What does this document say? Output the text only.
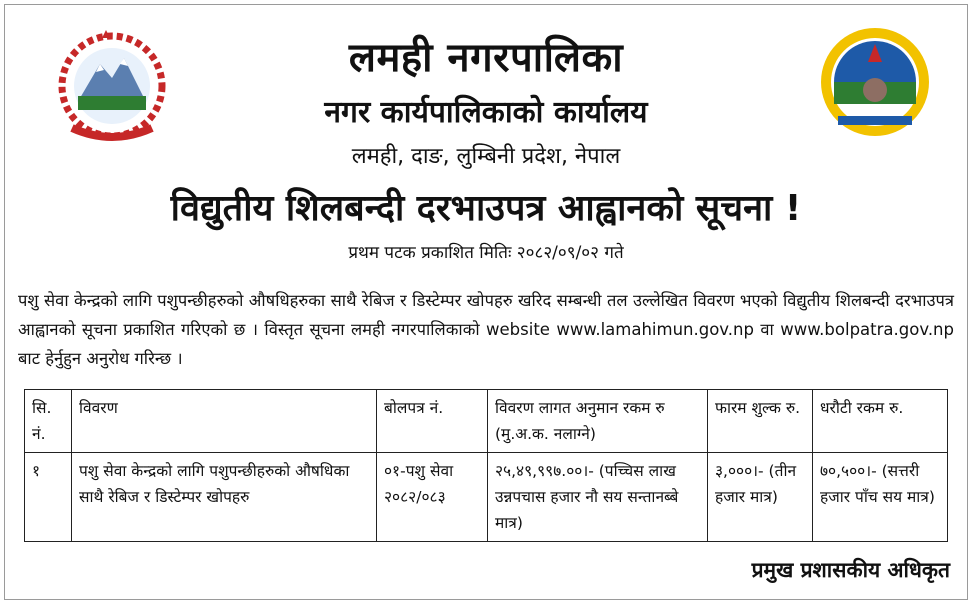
लमही नगरपालिका
नगर कार्यपालिकाको कार्यालय
लमही, दाङ, लुम्बिनी प्रदेश, नेपाल
विद्युतीय शिलबन्दी दरभाउपत्र आह्वानको सूचना !
प्रथम पटक प्रकाशित मितिः २०८२/०९/०२ गते
पशु सेवा केन्द्रको लागि पशुपन्छीहरुको औषधिहरुका साथै रेबिज र डिस्टेम्पर खोपहरु खरिद सम्बन्धी तल उल्लेखित विवरण भएको विद्युतीय शिलबन्दी दरभाउपत्र आह्वानको सूचना प्रकाशित गरिएको छ । विस्तृत सूचना लमही नगरपालिकाको website www.lamahimun.gov.np वा www.bolpatra.gov.np बाट हेर्नुहुन अनुरोध गरिन्छ ।
सि. नं.	विवरण	बोलपत्र नं.	विवरण लागत अनुमान रकम रु (मु.अ.क. नलाग्ने)	फारम शुल्क रु.	धरौटी रकम रु.
१	पशु सेवा केन्द्रको लागि पशुपन्छीहरुको औषधिका साथै रेबिज र डिस्टेम्पर खोपहरु	०१-पशु सेवा २०८२/०८३	२५,४९,९९७.००।- (पच्चिस लाख उन्नपचास हजार नौ सय सन्तानब्बे मात्र)	३,०००।- (तीन हजार मात्र)	७०,५००।- (सत्तरी हजार पाँच सय मात्र)
प्रमुख प्रशासकीय अधिकृत
